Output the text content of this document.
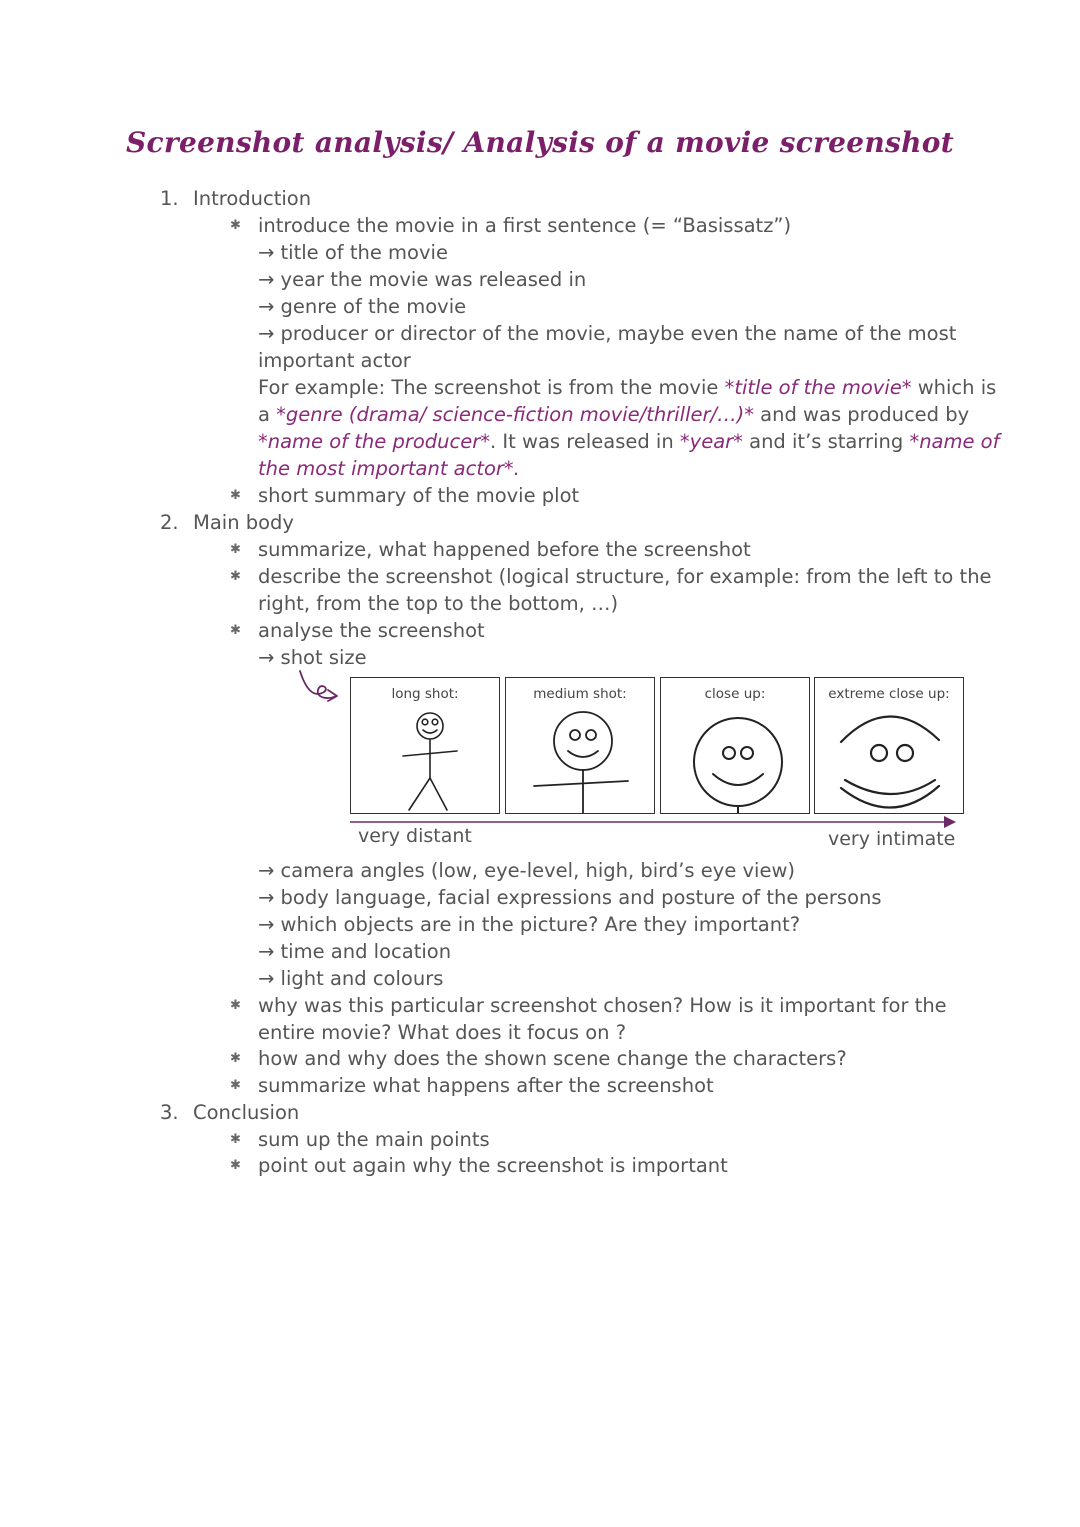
Screenshot analysis/ Analysis of a movie screenshot
1. Introduction
✱ introduce the movie in a first sentence (= “Basissatz”)
→ title of the movie
→ year the movie was released in
→ genre of the movie
→ producer or director of the movie, maybe even the name of the most
important actor
For example: The screenshot is from the movie *title of the movie* which is
a *genre (drama/ science-fiction movie/thriller/…)* and was produced by
*name of the producer*. It was released in *year* and it’s starring *name of
the most important actor*.
✱ short summary of the movie plot
2. Main body
✱ summarize, what happened before the screenshot
✱ describe the screenshot (logical structure, for example: from the left to the
right, from the top to the bottom, …)
✱ analyse the screenshot
→ shot size
long shot:	medium shot:	close up:	extreme close up:
very distant	very intimate
→ camera angles (low, eye-level, high, bird’s eye view)
→ body language, facial expressions and posture of the persons
→ which objects are in the picture? Are they important?
→ time and location
→ light and colours
✱ why was this particular screenshot chosen? How is it important for the
entire movie? What does it focus on ?
✱ how and why does the shown scene change the characters?
✱ summarize what happens after the screenshot
3. Conclusion
✱ sum up the main points
✱ point out again why the screenshot is important
